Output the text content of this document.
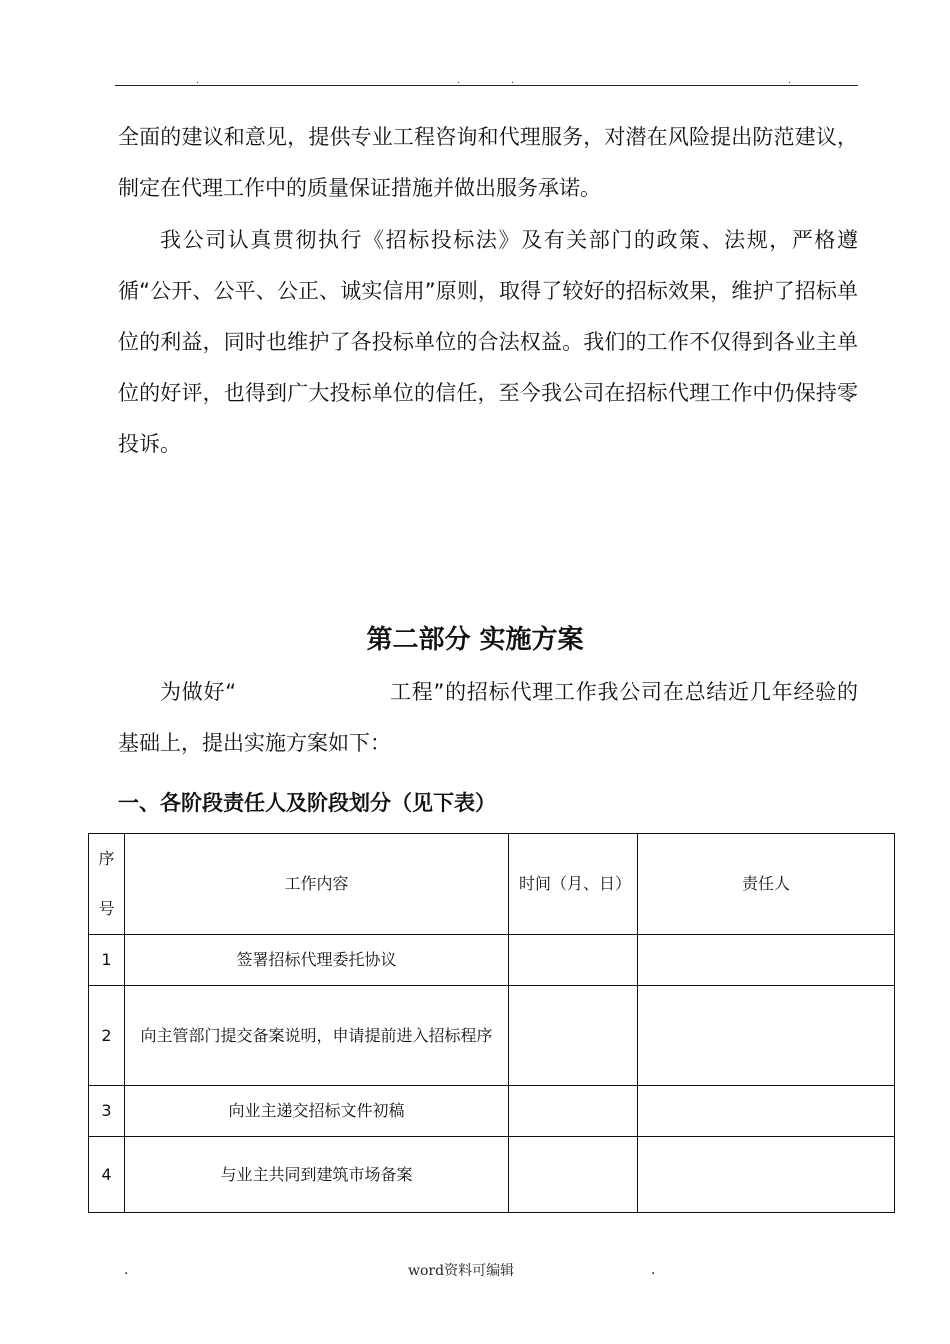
.	.	.	.

全面的建议和意见，提供专业工程咨询和代理服务，对潜在风险提出防范建议，制定在代理工作中的质量保证措施并做出服务承诺。

我公司认真贯彻执行《招标投标法》及有关部门的政策、法规，严格遵循“公开、公平、公正、诚实信用”原则，取得了较好的招标效果，维护了招标单位的利益，同时也维护了各投标单位的合法权益。我们的工作不仅得到各业主单位的好评，也得到广大投标单位的信任，至今我公司在招标代理工作中仍保持零投诉。

第二部分 实施方案

为做好“	工程”的招标代理工作我公司在总结近几年经验的基础上，提出实施方案如下：

一、各阶段责任人及阶段划分（见下表）
序号	工作内容	时间（月、日）	责任人
1	签署招标代理委托协议		
2	向主管部门提交备案说明，申请提前进入招标程序		
3	向业主递交招标文件初稿		
4	与业主共同到建筑市场备案		
.	word资料可编辑	.
